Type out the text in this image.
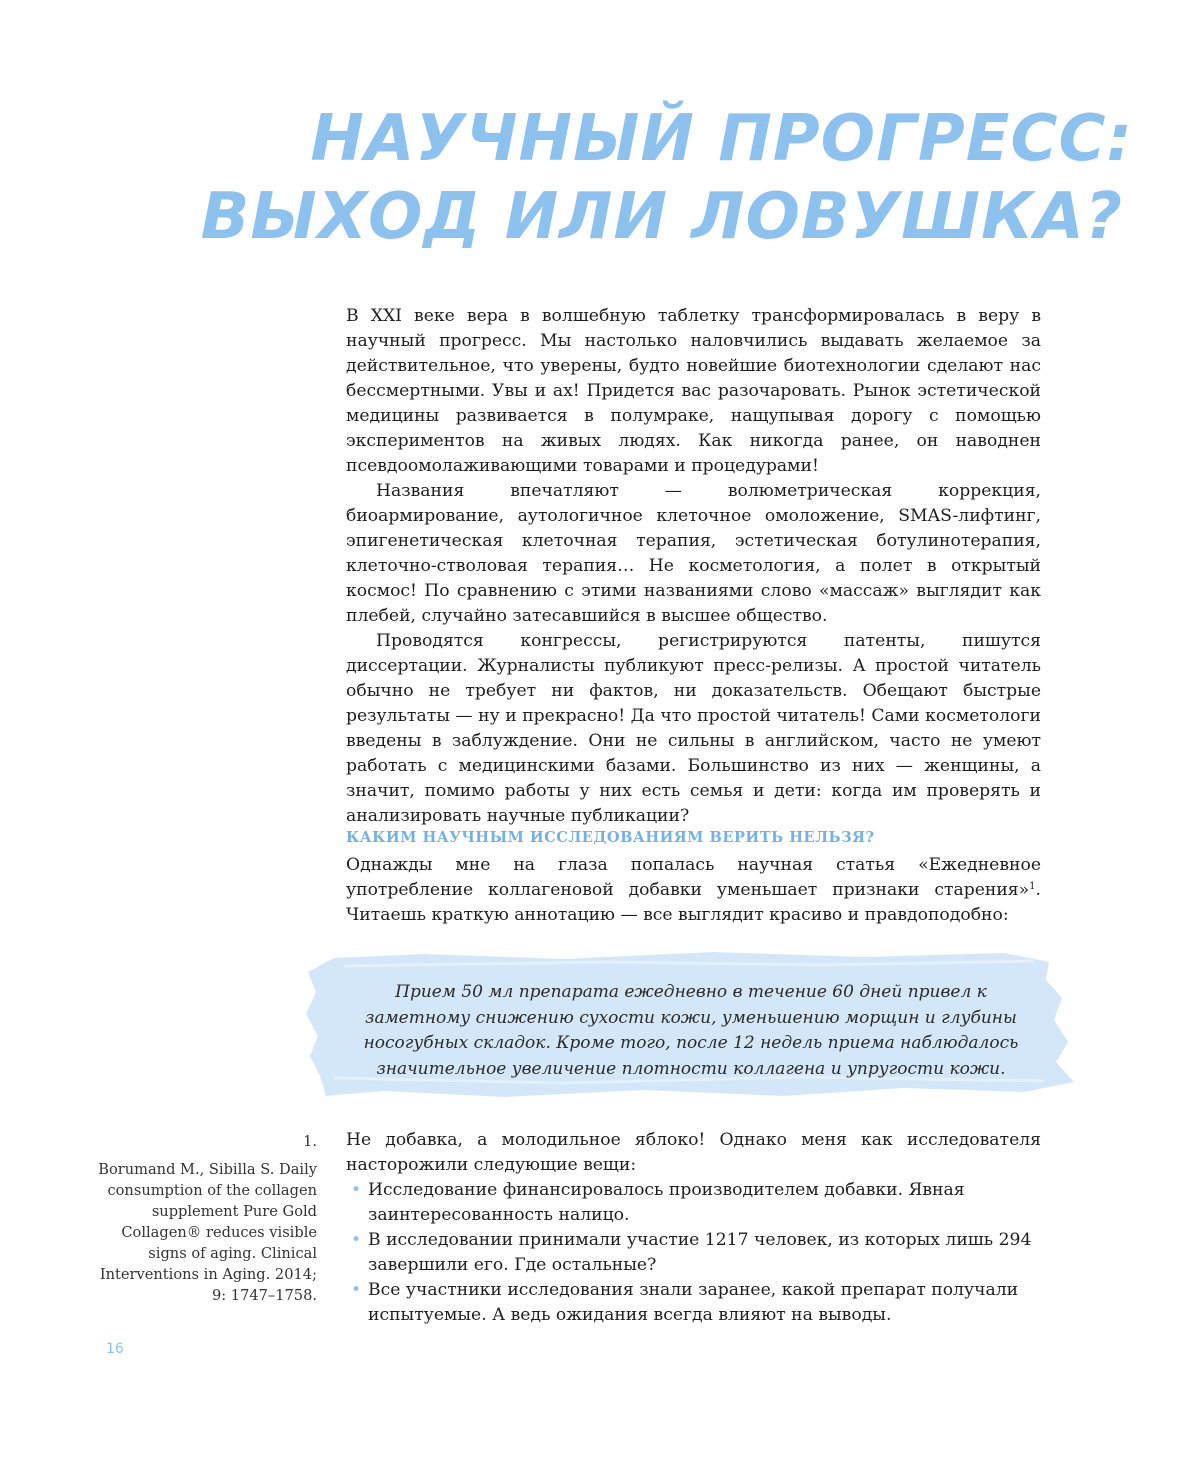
НАУЧНЫЙ ПРОГРЕСС:

ВЫХОД ИЛИ ЛОВУШКА?

В XXI веке вера в волшебную таблетку трансформировалась в веру в научный прогресс. Мы настолько наловчились выдавать желаемое за действительное, что уверены, будто новейшие биотехнологии сделают нас бессмертными. Увы и ах! Придется вас разочаровать. Рынок эстетической медицины развивается в полумраке, нащупывая дорогу с помощью экспериментов на живых людях. Как никогда ранее, он наводнен псевдоомолаживающими товарами и процедурами!

Названия впечатляют — волюметрическая коррекция, биоармирование, аутологичное клеточное омоложение, SMAS-лифтинг, эпигенетическая клеточная терапия, эстетическая ботулинотерапия, клеточно-стволовая терапия… Не косметология, а полет в открытый космос! По сравнению с этими названиями слово «массаж» выглядит как плебей, случайно затесавшийся в высшее общество.

Проводятся конгрессы, регистрируются патенты, пишутся диссертации. Журналисты публикуют пресс-релизы. А простой читатель обычно не требует ни фактов, ни доказательств. Обещают быстрые результаты — ну и прекрасно! Да что простой читатель! Сами косметологи введены в заблуждение. Они не сильны в английском, часто не умеют работать с медицинскими базами. Большинство из них — женщины, а значит, помимо работы у них есть семья и дети: когда им проверять и анализировать научные публикации?

КАКИМ НАУЧНЫМ ИССЛЕДОВАНИЯМ ВЕРИТЬ НЕЛЬЗЯ?

Однажды мне на глаза попалась научная статья «Ежедневное употребление коллагеновой добавки уменьшает признаки старения»$^1$. Читаешь краткую аннотацию — все выглядит красиво и правдоподобно:

Прием 50 мл препарата ежедневно в течение 60 дней привел к заметному снижению сухости кожи, уменьшению морщин и глубины носогубных складок. Кроме того, после 12 недель приема наблюдалось значительное увеличение плотности коллагена и упругости кожи.

Не добавка, а молодильное яблоко! Однако меня как исследователя насторожили следующие вещи:

• Исследование финансировалось производителем добавки. Явная заинтересованность налицо.
• В исследовании принимали участие 1217 человек, из которых лишь 294 завершили его. Где остальные?
• Все участники исследования знали заранее, какой препарат получали испытуемые. А ведь ожидания всегда влияют на выводы.
1.
Borumand M., Sibilla S. Daily consumption of the collagen supplement Pure Gold Collagen® reduces visible signs of aging. Clinical Interventions in Aging. 2014; 9: 1747–1758.
16
